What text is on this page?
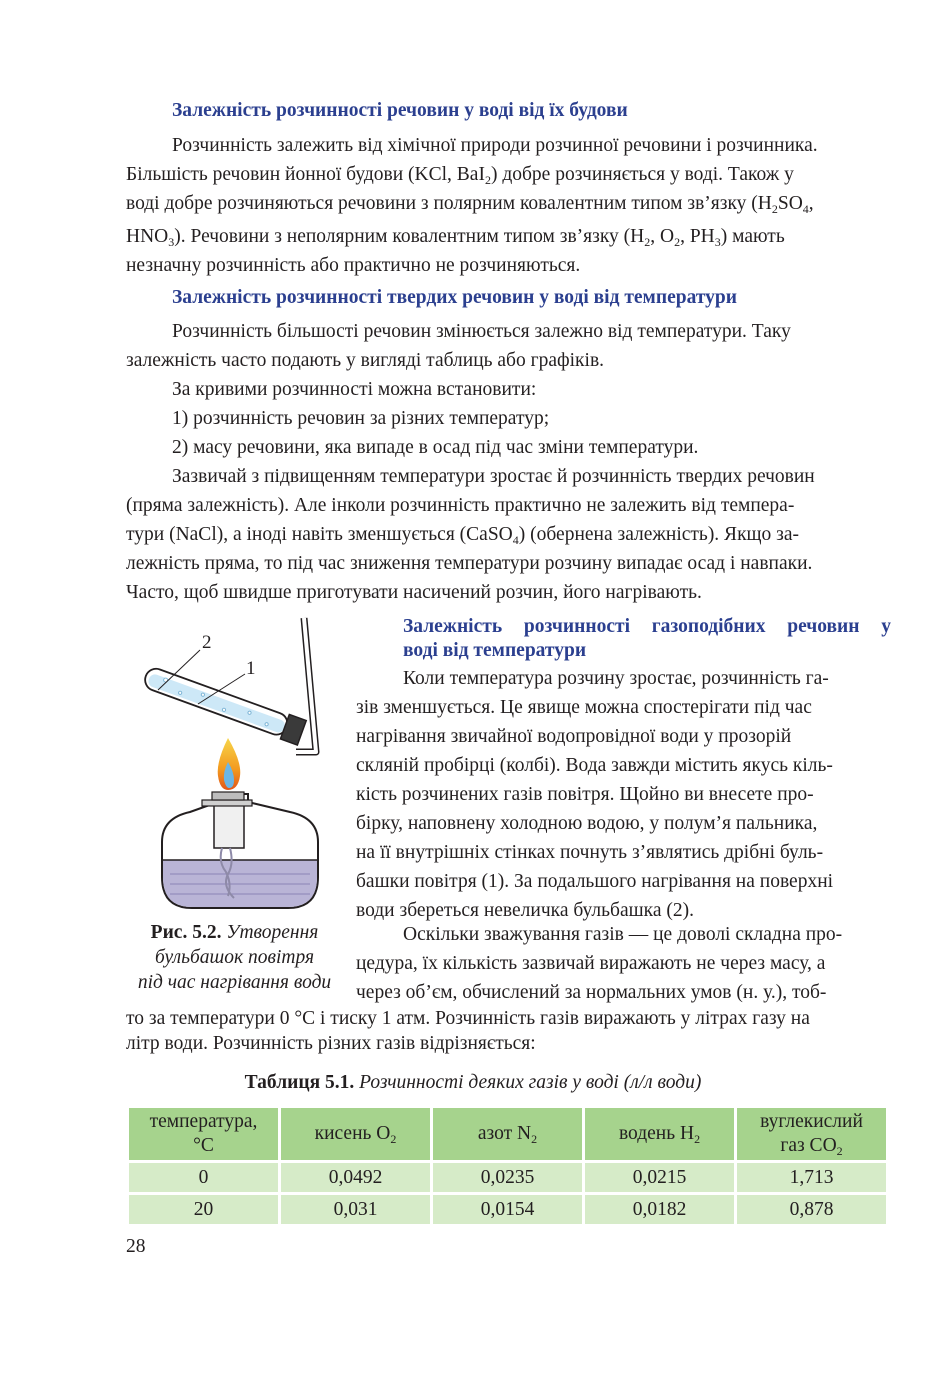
Залежність розчинності речовин у воді від їх будови
Розчинність залежить від хімічної природи розчинної речовини і розчинника.
Більшість речовин йонної будови (KCl, BaI$_2$) добре розчиняється у воді. Також у
воді добре розчиняються речовини з полярним ковалентним типом зв’язку ($H_2SO_4$,
$HNO_3$). Речовини з неполярним ковалентним типом зв’язку ($H_2$, $O_2$, $PH_3$) мають
незначну розчинність або практично не розчиняються.
Залежність розчинності твердих речовин у воді від температури
Розчинність більшості речовин змінюється залежно від температури. Таку
залежність часто подають у вигляді таблиць або графіків.
За кривими розчинності можна встановити:
1) розчинність речовин за різних температур;
2) масу речовини, яка випаде в осад під час зміни температури.
Зазвичай з підвищенням температури зростає й розчинність твердих речовин
(пряма залежність). Але інколи розчинність практично не залежить від темпера-
тури (NaCl), а іноді навіть зменшується (CaSO$_4$) (обернена залежність). Якщо за-
лежність пряма, то під час зниження температури розчину випадає осад і навпаки.
Часто, щоб швидше приготувати насичений розчин, його нагрівають.
2
1
Рис. 5.2. Утворення
бульбашок повітря
під час нагрівання води
Залежність розчинності газоподібних речовин у
воді від температури
Коли температура розчину зростає, розчинність га-
зів зменшується. Це явище можна спостерігати під час
нагрівання звичайної водопровідної води у прозорій
скляній пробірці (колбі). Вода завжди містить якусь кіль-
кість розчинених газів повітря. Щойно ви внесете про-
бірку, наповнену холодною водою, у полум’я пальника,
на її внутрішніх стінках почнуть з’являтись дрібні буль-
башки повітря (1). За подальшого нагрівання на поверхні
води збереться невеличка бульбашка (2).
Оскільки зважування газів — це доволі складна про-
цедура, їх кількість зазвичай виражають не через масу, а
через об’єм, обчислений за нормальних умов (н. у.), тоб-
то за температури 0 °С і тиску 1 атм. Розчинність газів виражають у літрах газу на
літр води. Розчинність різних газів відрізняється:
Таблиця 5.1. Розчинності деяких газів у воді (л/л води)
температура,
°С	кисень $O_2$	азот $N_2$	водень $H_2$	вуглекислий
газ $CO_2$
0	0,0492	0,0235	0,0215	1,713
20	0,031	0,0154	0,0182	0,878
28
